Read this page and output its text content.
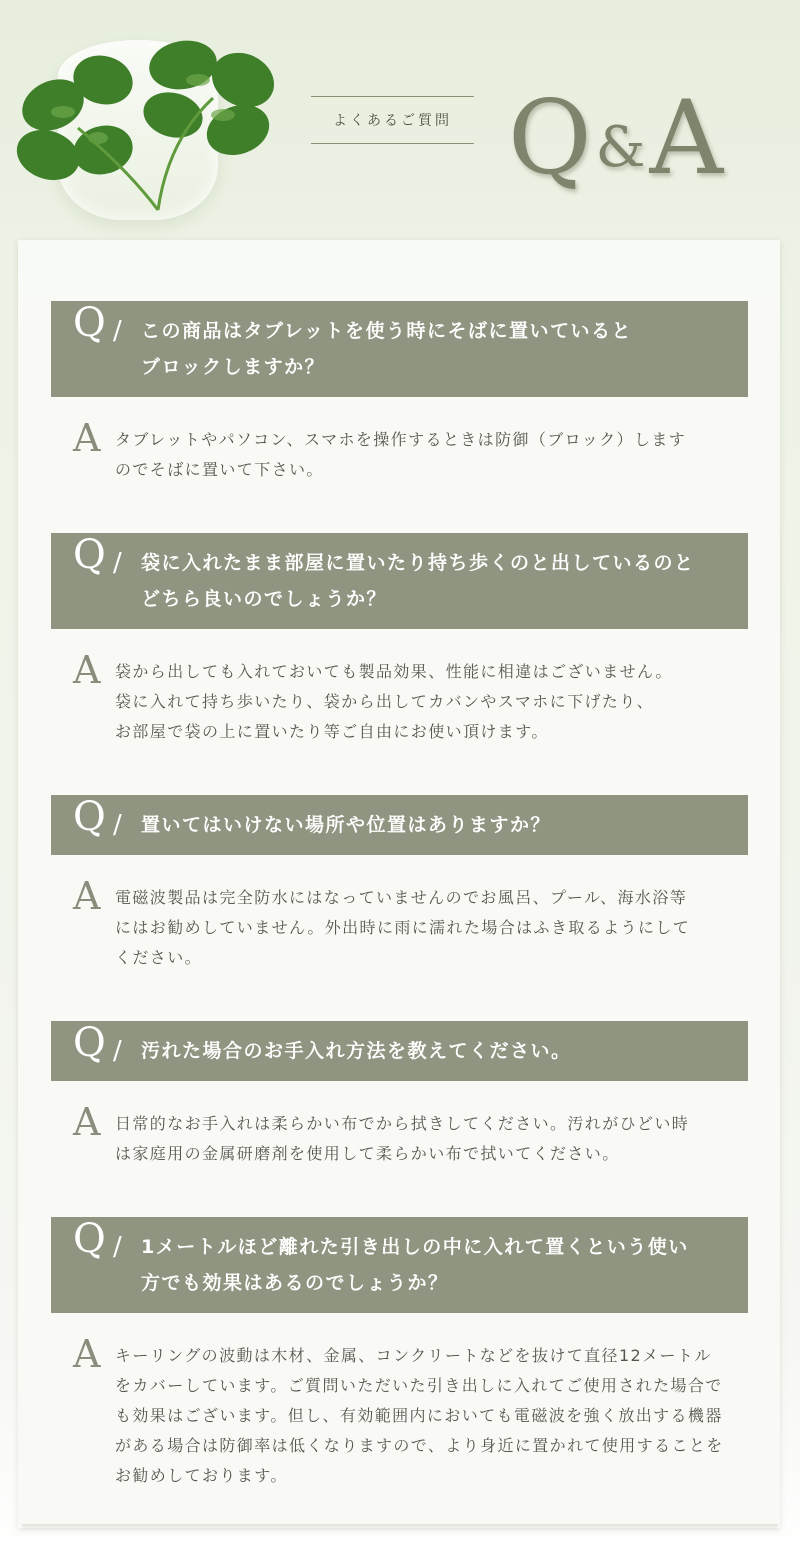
よくあるご質問 Q & A
Q / この商品はタブレットを使う時にそばに置いていると
ブロックしますか？
A タブレットやパソコン、スマホを操作するときは防御（ブロック）します
のでそばに置いて下さい。
Q / 袋に入れたまま部屋に置いたり持ち歩くのと出しているのと
どちら良いのでしょうか？
A 袋から出しても入れておいても製品効果、性能に相違はございません。
袋に入れて持ち歩いたり、袋から出してカバンやスマホに下げたり、
お部屋で袋の上に置いたり等ご自由にお使い頂けます。
Q / 置いてはいけない場所や位置はありますか？
A 電磁波製品は完全防水にはなっていませんのでお風呂、プール、海水浴等
にはお勧めしていません。外出時に雨に濡れた場合はふき取るようにして
ください。
Q / 汚れた場合のお手入れ方法を教えてください。
A 日常的なお手入れは柔らかい布でから拭きしてください。汚れがひどい時
は家庭用の金属研磨剤を使用して柔らかい布で拭いてください。
Q / 1メートルほど離れた引き出しの中に入れて置くという使い
方でも効果はあるのでしょうか？
A キーリングの波動は木材、金属、コンクリートなどを抜けて直径12メートル
をカバーしています。ご質問いただいた引き出しに入れてご使用された場合で
も効果はございます。但し、有効範囲内においても電磁波を強く放出する機器
がある場合は防御率は低くなりますので、より身近に置かれて使用することを
お勧めしております。
